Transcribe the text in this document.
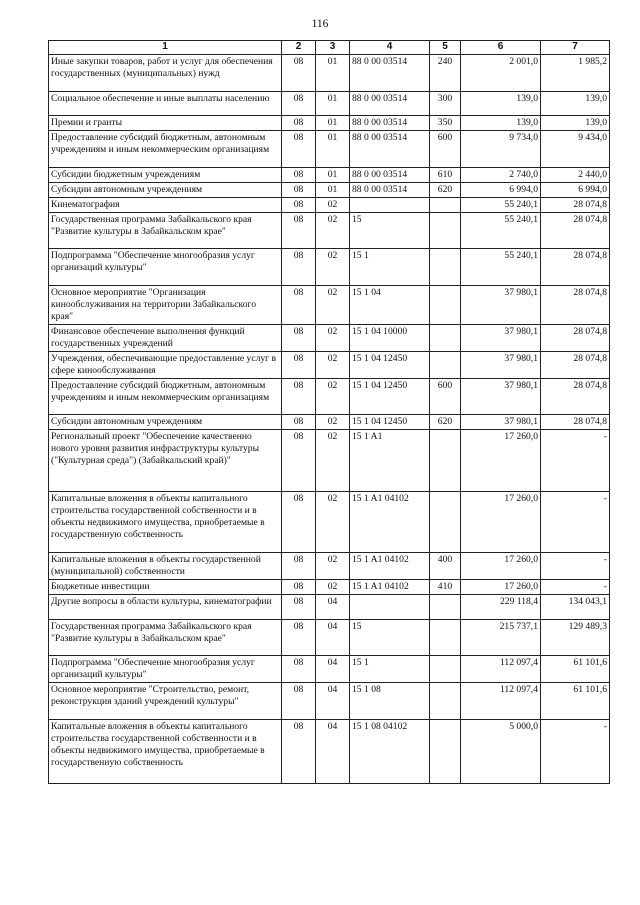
116
1	2	3	4	5	6	7
Иные закупки товаров, работ и услуг для обеспечения государственных (муниципальных) нужд	08	01	88 0 00 03514	240	2 001,0	1 985,2
Социальное обеспечение и иные выплаты населению	08	01	88 0 00 03514	300	139,0	139,0
Премии и гранты	08	01	88 0 00 03514	350	139,0	139,0
Предоставление субсидий бюджетным, автономным учреждениям и иным некоммерческим организациям	08	01	88 0 00 03514	600	9 734,0	9 434,0
Субсидии бюджетным учреждениям	08	01	88 0 00 03514	610	2 740,0	2 440,0
Субсидии автономным учреждениям	08	01	88 0 00 03514	620	6 994,0	6 994,0
Кинематография	08	02			55 240,1	28 074,8
Государственная программа Забайкальского края "Развитие культуры в Забайкальском крае"	08	02	15		55 240,1	28 074,8
Подпрограмма "Обеспечение многообразия услуг организаций культуры"	08	02	15 1		55 240,1	28 074,8
Основное мероприятие "Организация кинообслуживания на территории Забайкальского края"	08	02	15 1 04		37 980,1	28 074,8
Финансовое обеспечение выполнения функций государственных учреждений	08	02	15 1 04 10000		37 980,1	28 074,8
Учреждения, обеспечивающие предоставление услуг в сфере кинообслуживания	08	02	15 1 04 12450		37 980,1	28 074,8
Предоставление субсидий бюджетным, автономным учреждениям и иным некоммерческим организациям	08	02	15 1 04 12450	600	37 980,1	28 074,8
Субсидии автономным учреждениям	08	02	15 1 04 12450	620	37 980,1	28 074,8
Региональный проект "Обеспечение качественно нового уровня развития инфраструктуры культуры ("Культурная среда") (Забайкальский край)"	08	02	15 1 A1		17 260,0	-
Капитальные вложения в объекты капитального строительства государственной собственности и в объекты недвижимого имущества, приобретаемые в государственную собственность	08	02	15 1 A1 04102		17 260,0	-
Капитальные вложения в объекты государственной (муниципальной) собственности	08	02	15 1 A1 04102	400	17 260,0	-
Бюджетные инвестиции	08	02	15 1 A1 04102	410	17 260,0	-
Другие вопросы в области культуры, кинематографии	08	04			229 118,4	134 043,1
Государственная программа Забайкальского края "Развитие культуры в Забайкальском крае"	08	04	15		215 737,1	129 489,3
Подпрограмма "Обеспечение многообразия услуг организаций культуры"	08	04	15 1		112 097,4	61 101,6
Основное мероприятие "Строительство, ремонт, реконструкция зданий учреждений культуры"	08	04	15 1 08		112 097,4	61 101,6
Капитальные вложения в объекты капитального строительства государственной собственности и в объекты недвижимого имущества, приобретаемые в государственную собственность	08	04	15 1 08 04102		5 000,0	-
